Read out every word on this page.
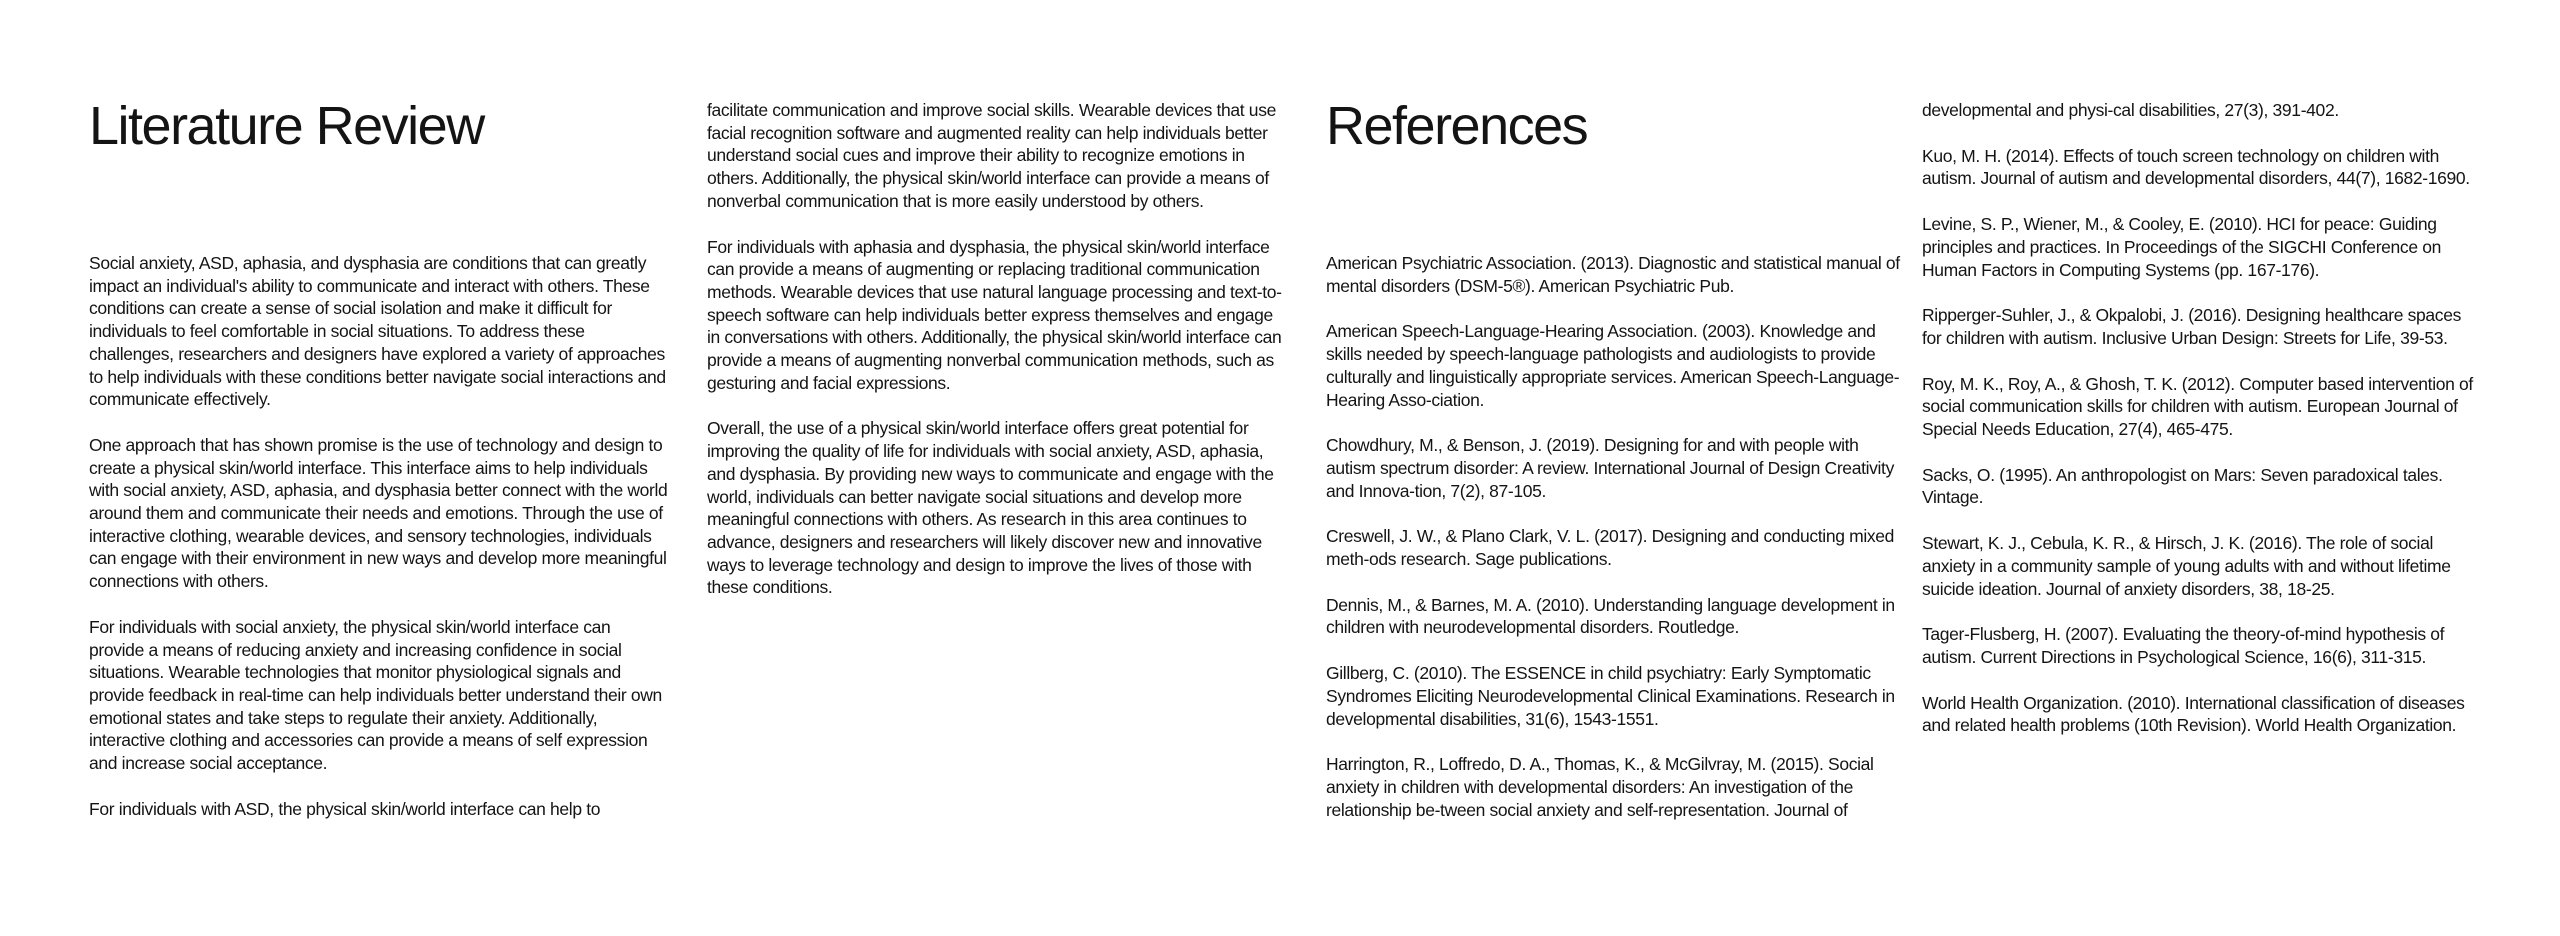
Literature Review

Social anxiety, ASD, aphasia, and dysphasia are conditions that can greatly impact an individual's ability to communicate and interact with others. These conditions can create a sense of social isolation and make it difficult for individuals to feel comfortable in social situations. To address these challenges, researchers and designers have explored a variety of approaches to help individuals with these conditions better navigate social interactions and communicate effectively.

One approach that has shown promise is the use of technology and design to create a physical skin/world interface. This interface aims to help individuals with social anxiety, ASD, aphasia, and dysphasia better connect with the world around them and communicate their needs and emotions. Through the use of interactive clothing, wearable devices, and sensory technologies, individuals can engage with their environment in new ways and develop more meaningful connections with others.

For individuals with social anxiety, the physical skin/world interface can provide a means of reducing anxiety and increasing confidence in social situations. Wearable technologies that monitor physiological signals and provide feedback in real-time can help individuals better understand their own emotional states and take steps to regulate their anxiety. Additionally, interactive clothing and accessories can provide a means of self expression and increase social acceptance.

For individuals with ASD, the physical skin/world interface can help to

facilitate communication and improve social skills. Wearable devices that use facial recognition software and augmented reality can help individuals better understand social cues and improve their ability to recognize emotions in others. Additionally, the physical skin/world interface can provide a means of nonverbal communication that is more easily understood by others.

For individuals with aphasia and dysphasia, the physical skin/world interface can provide a means of augmenting or replacing traditional communication methods. Wearable devices that use natural language processing and text-to-speech software can help individuals better express themselves and engage in conversations with others. Additionally, the physical skin/world interface can provide a means of augmenting nonverbal communication methods, such as gesturing and facial expressions.

Overall, the use of a physical skin/world interface offers great potential for improving the quality of life for individuals with social anxiety, ASD, aphasia, and dysphasia. By providing new ways to communicate and engage with the world, individuals can better navigate social situations and develop more meaningful connections with others. As research in this area continues to advance, designers and researchers will likely discover new and innovative ways to leverage technology and design to improve the lives of those with these conditions.

References

American Psychiatric Association. (2013). Diagnostic and statistical manual of mental disorders (DSM-5®). American Psychiatric Pub.

American Speech-Language-Hearing Association. (2003). Knowledge and skills needed by speech-language pathologists and audiologists to provide culturally and linguistically appropriate services. American Speech-Language-Hearing Asso-ciation.

Chowdhury, M., & Benson, J. (2019). Designing for and with people with autism spectrum disorder: A review. International Journal of Design Creativity and Innova-tion, 7(2), 87-105.

Creswell, J. W., & Plano Clark, V. L. (2017). Designing and conducting mixed meth-ods research. Sage publications.

Dennis, M., & Barnes, M. A. (2010). Understanding language development in children with neurodevelopmental disorders. Routledge.

Gillberg, C. (2010). The ESSENCE in child psychiatry: Early Symptomatic Syndromes Eliciting Neurodevelopmental Clinical Examinations. Research in developmental disabilities, 31(6), 1543-1551.

Harrington, R., Loffredo, D. A., Thomas, K., & McGilvray, M. (2015). Social anxiety in children with developmental disorders: An investigation of the relationship be-tween social anxiety and self-representation. Journal of

developmental and physi-cal disabilities, 27(3), 391-402.

Kuo, M. H. (2014). Effects of touch screen technology on children with autism. Journal of autism and developmental disorders, 44(7), 1682-1690.

Levine, S. P., Wiener, M., & Cooley, E. (2010). HCI for peace: Guiding principles and practices. In Proceedings of the SIGCHI Conference on Human Factors in Computing Systems (pp. 167-176).

Ripperger-Suhler, J., & Okpalobi, J. (2016). Designing healthcare spaces for children with autism. Inclusive Urban Design: Streets for Life, 39-53.

Roy, M. K., Roy, A., & Ghosh, T. K. (2012). Computer based intervention of social communication skills for children with autism. European Journal of Special Needs Education, 27(4), 465-475.

Sacks, O. (1995). An anthropologist on Mars: Seven paradoxical tales. Vintage.

Stewart, K. J., Cebula, K. R., & Hirsch, J. K. (2016). The role of social anxiety in a community sample of young adults with and without lifetime suicide ideation. Journal of anxiety disorders, 38, 18-25.

Tager-Flusberg, H. (2007). Evaluating the theory-of-mind hypothesis of autism. Current Directions in Psychological Science, 16(6), 311-315.

World Health Organization. (2010). International classification of diseases and related health problems (10th Revision). World Health Organization.
